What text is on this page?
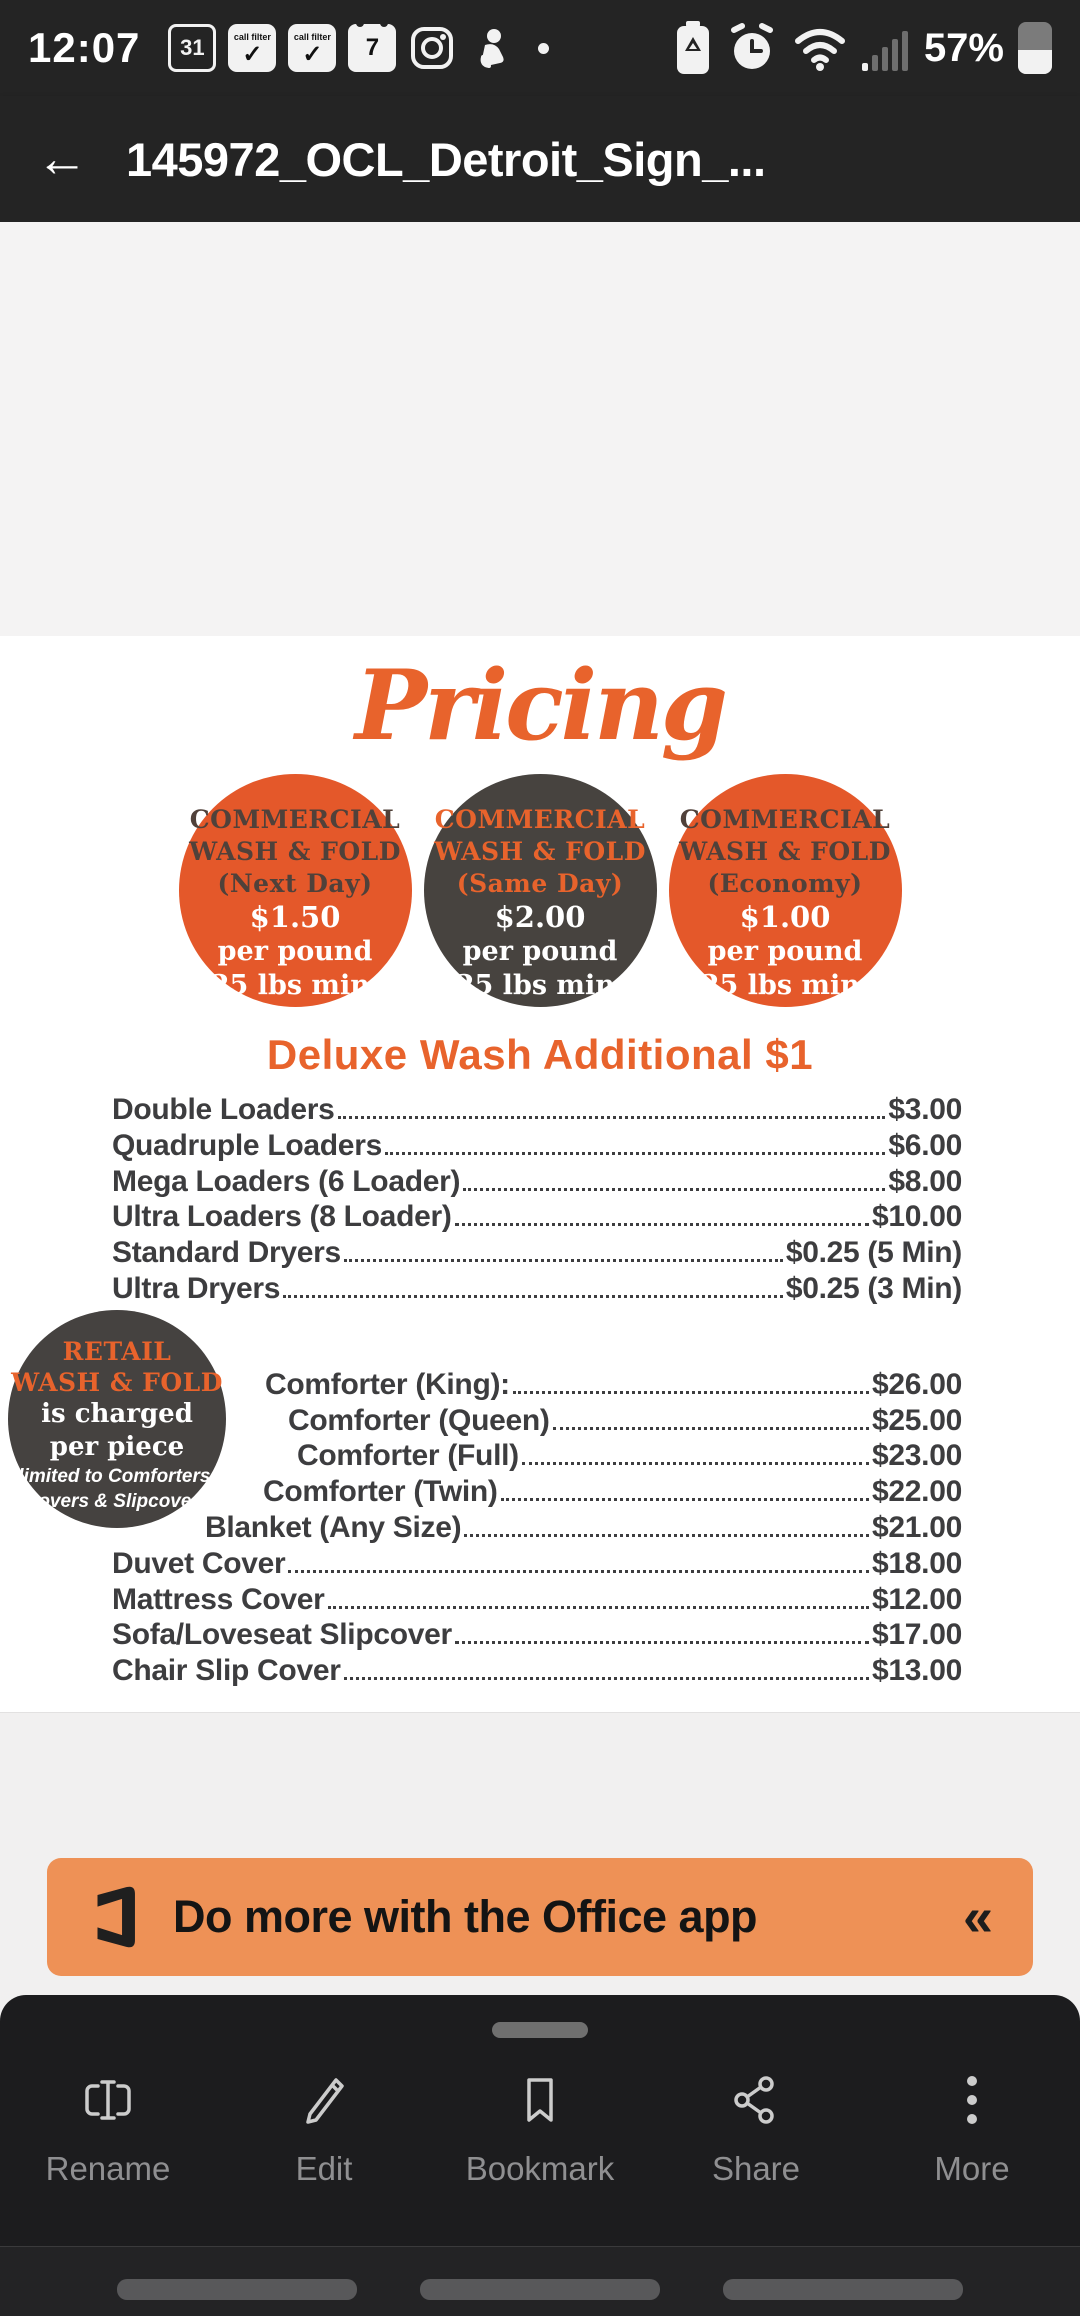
12:07 31	call filter
✓
call filter
✓ 7	57%
← 145972_OCL_Detroit_Sign_...
Pricing
COMMERCIAL
WASH & FOLD
(Next Day)
$1.50
per pound
(25 lbs min.)
COMMERCIAL
WASH & FOLD
(Same Day)
$2.00
per pound
(25 lbs min.)
COMMERCIAL
WASH & FOLD
(Economy)
$1.00
per pound
(25 lbs min.)
Deluxe Wash Additional $1
Double Loaders	$3.00
Quadruple Loaders	$6.00
Mega Loaders (6 Loader)	$8.00
Ultra Loaders (8 Loader)	$10.00
Standard Dryers	$0.25 (5 Min)
Ultra Dryers	$0.25 (3 Min)
RETAIL
WASH & FOLD
is charged
per piece
limited to Comforters,
Covers & Slipcovers
Comforter (King):	$26.00
Comforter (Queen)	$25.00
Comforter (Full)	$23.00
Comforter (Twin)	$22.00
Blanket (Any Size)	$21.00
Duvet Cover	$18.00
Mattress Cover	$12.00
Sofa/Loveseat Slipcover	$17.00
Chair Slip Cover	$13.00
Do more with the Office app	«
Rename	Edit	Bookmark	Share	More
